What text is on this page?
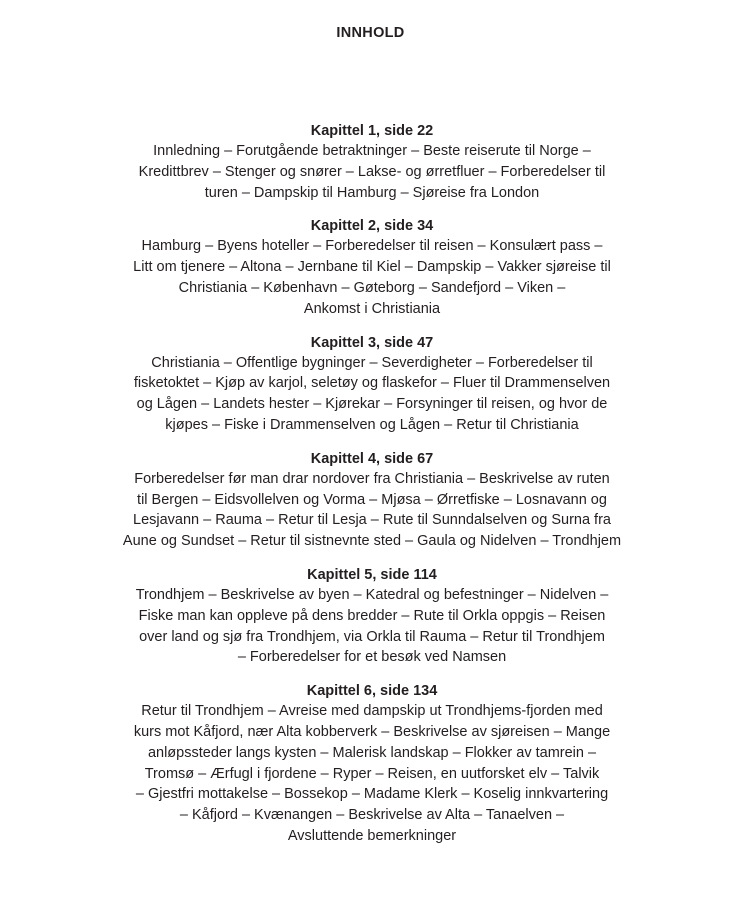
INNHOLD
Kapittel 1, side 22
Innledning – Forutgående betraktninger – Beste reiserute til Norge –
Kredittbrev – Stenger og snører – Lakse- og ørretfluer – Forberedelser til
turen – Dampskip til Hamburg – Sjøreise fra London
Kapittel 2, side 34
Hamburg – Byens hoteller – Forberedelser til reisen – Konsulært pass –
Litt om tjenere – Altona – Jernbane til Kiel – Dampskip – Vakker sjøreise til
Christiania – København – Gøteborg – Sandefjord – Viken –
Ankomst i Christiania
Kapittel 3, side 47
Christiania – Offentlige bygninger – Severdigheter – Forberedelser til
fisketoktet – Kjøp av karjol, seletøy og flaskefor – Fluer til Drammenselven
og Lågen – Landets hester – Kjørekar – Forsyninger til reisen, og hvor de
kjøpes – Fiske i Drammenselven og Lågen – Retur til Christiania
Kapittel 4, side 67
Forberedelser før man drar nordover fra Christiania – Beskrivelse av ruten
til Bergen – Eidsvollelven og Vorma – Mjøsa – Ørretfiske – Losnavann og
Lesjavann – Rauma – Retur til Lesja – Rute til Sunndalselven og Surna fra
Aune og Sundset – Retur til sistnevnte sted – Gaula og Nidelven – Trondhjem
Kapittel 5, side 114
Trondhjem – Beskrivelse av byen – Katedral og befestninger – Nidelven –
Fiske man kan oppleve på dens bredder – Rute til Orkla oppgis – Reisen
over land og sjø fra Trondhjem, via Orkla til Rauma – Retur til Trondhjem
– Forberedelser for et besøk ved Namsen
Kapittel 6, side 134
Retur til Trondhjem – Avreise med dampskip ut Trondhjems-fjorden med
kurs mot Kåfjord, nær Alta kobberverk – Beskrivelse av sjøreisen – Mange
anløpssteder langs kysten – Malerisk landskap – Flokker av tamrein –
Tromsø – Ærfugl i fjordene – Ryper – Reisen, en uutforsket elv – Talvik
– Gjestfri mottakelse – Bossekop – Madame Klerk – Koselig innkvartering
– Kåfjord – Kvænangen – Beskrivelse av Alta – Tanaelven –
Avsluttende bemerkninger
